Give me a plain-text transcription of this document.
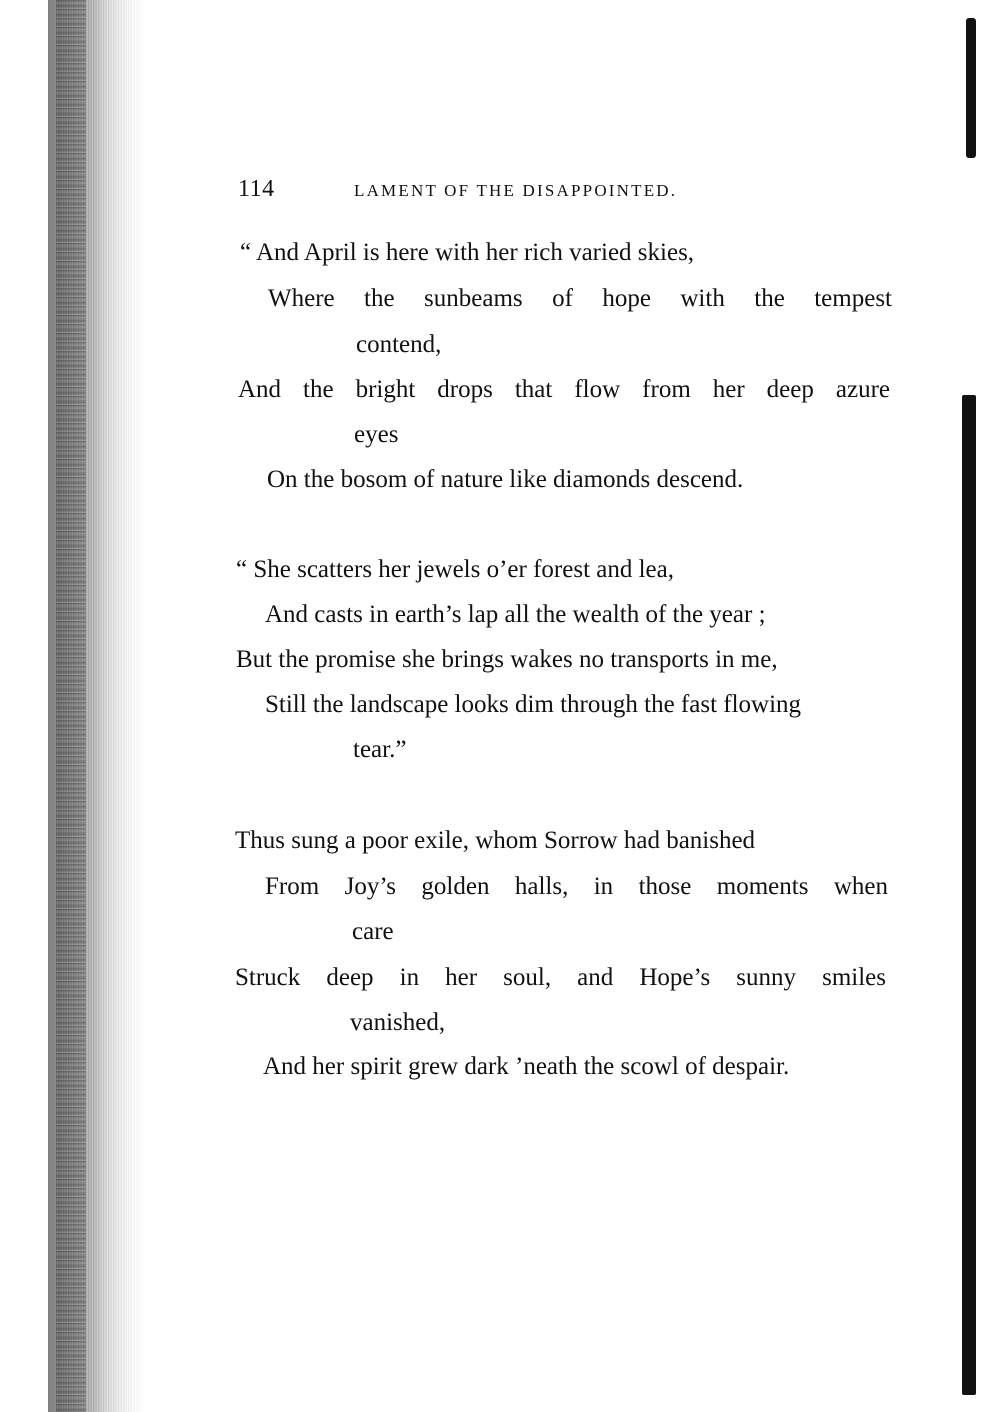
114	LAMENT OF THE DISAPPOINTED.
“ And April is here with her rich varied skies,
Where the sunbeams of hope with the tempest
contend,
And the bright drops that flow from her deep azure
eyes
On the bosom of nature like diamonds descend.
“ She scatters her jewels o’er forest and lea,
And casts in earth’s lap all the wealth of the year ;
But the promise she brings wakes no transports in me,
Still the landscape looks dim through the fast flowing
tear.”
Thus sung a poor exile, whom Sorrow had banished
From Joy’s golden halls, in those moments when
care
Struck deep in her soul, and Hope’s sunny smiles
vanished,
And her spirit grew dark ’neath the scowl of despair.
